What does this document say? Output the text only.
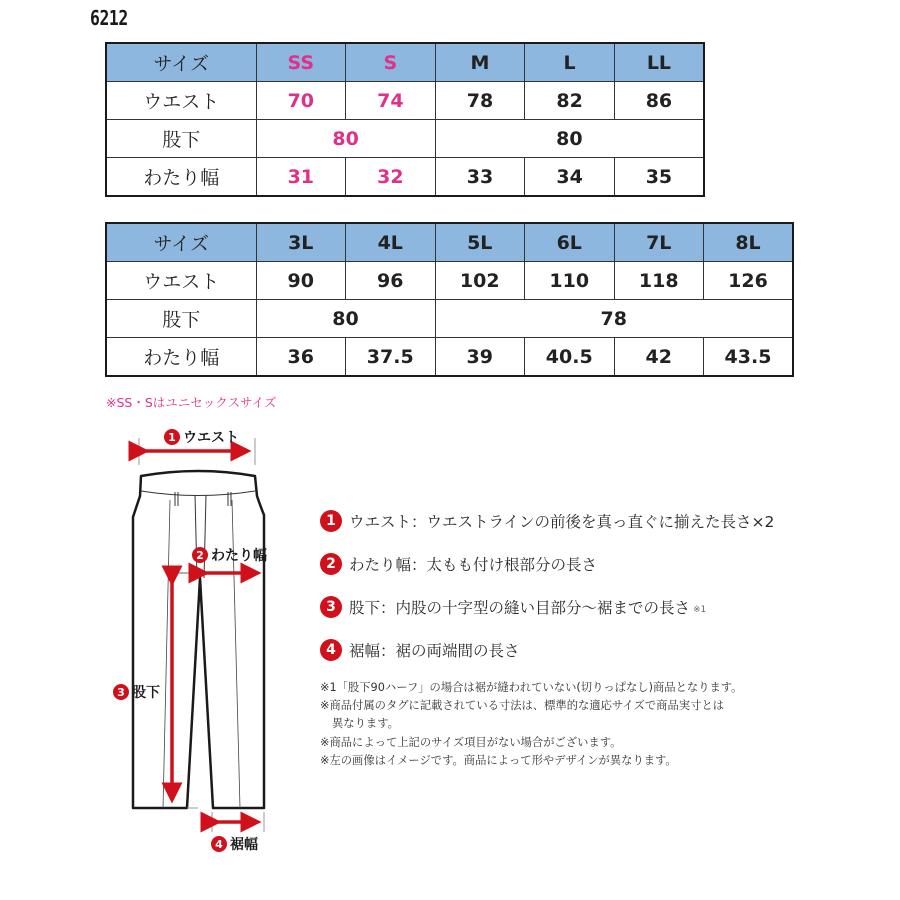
6212
サイズ	SS	S	M	L	LL
ウエスト	70	74	78	82	86
股下	80		80		
わたり幅	31	32	33	34	35
サイズ	3L	4L	5L	6L	7L	8L
ウエスト	90	96	102	110	118	126
股下	80		78			
わたり幅	36	37.5	39	40.5	42	43.5
※SS・Sはユニセックスサイズ
1 ウエスト
2 わたり幅
3 股下
4 裾幅
1 ウエスト：ウエストラインの前後を真っ直ぐに揃えた長さ×2
2 わたり幅：太もも付け根部分の長さ
3 股下：内股の十字型の縫い目部分～裾までの長さ ※1
4 裾幅：裾の両端間の長さ
※1「股下90ハーフ」の場合は裾が縫われていない(切りっぱなし)商品となります。
※商品付属のタグに記載されている寸法は、標準的な適応サイズで商品実寸とは
異なります。
※商品によって上記のサイズ項目がない場合がございます。
※左の画像はイメージです。商品によって形やデザインが異なります。
